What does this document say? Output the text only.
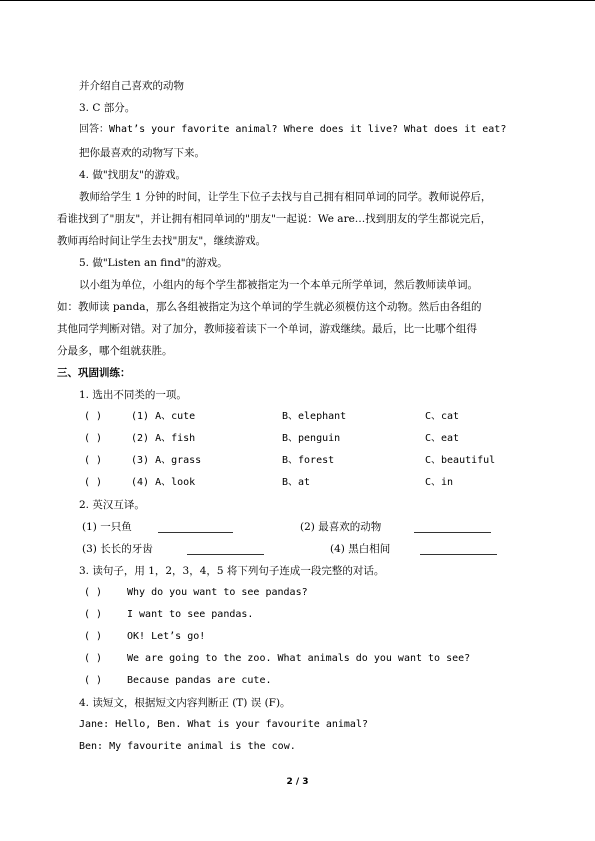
并介绍自己喜欢的动物
3. C 部分。
回答：What’s your favorite animal? Where does it live? What does it eat?
把你最喜欢的动物写下来。
4. 做"找朋友"的游戏。
教师给学生 1 分钟的时间，让学生下位子去找与自己拥有相同单词的同学。教师说停后，
看谁找到了"朋友"，并让拥有相同单词的"朋友"一起说：We are…找到朋友的学生都说完后，
教师再给时间让学生去找"朋友"，继续游戏。
5. 做"Listen an find"的游戏。
以小组为单位，小组内的每个学生都被指定为一个本单元所学单词，然后教师读单词。
如：教师读 panda，那么各组被指定为这个单词的学生就必须模仿这个动物。然后由各组的
其他同学判断对错。对了加分，教师接着读下一个单词，游戏继续。最后，比一比哪个组得
分最多，哪个组就获胜。
三、巩固训练：
1. 选出不同类的一项。
( )	(1) A、cute	B、elephant	C、cat
( )	(2) A、fish	B、penguin	C、eat
( )	(3) A、grass	B、forest	C、beautiful
( )	(4) A、look	B、at	C、in
2. 英汉互译。
(1) 一只鱼	(2) 最喜欢的动物
(3) 长长的牙齿	(4) 黑白相间
3. 读句子，用 1，2，3，4，5 将下列句子连成一段完整的对话。
( ) Why do you want to see pandas?
( ) I want to see pandas.
( ) OK! Let’s go!
( ) We are going to the zoo. What animals do you want to see?
( ) Because pandas are cute.
4. 读短文，根据短文内容判断正 (T) 误 (F)。
Jane: Hello, Ben. What is your favourite animal?
Ben: My favourite animal is the cow.
2 / 3
